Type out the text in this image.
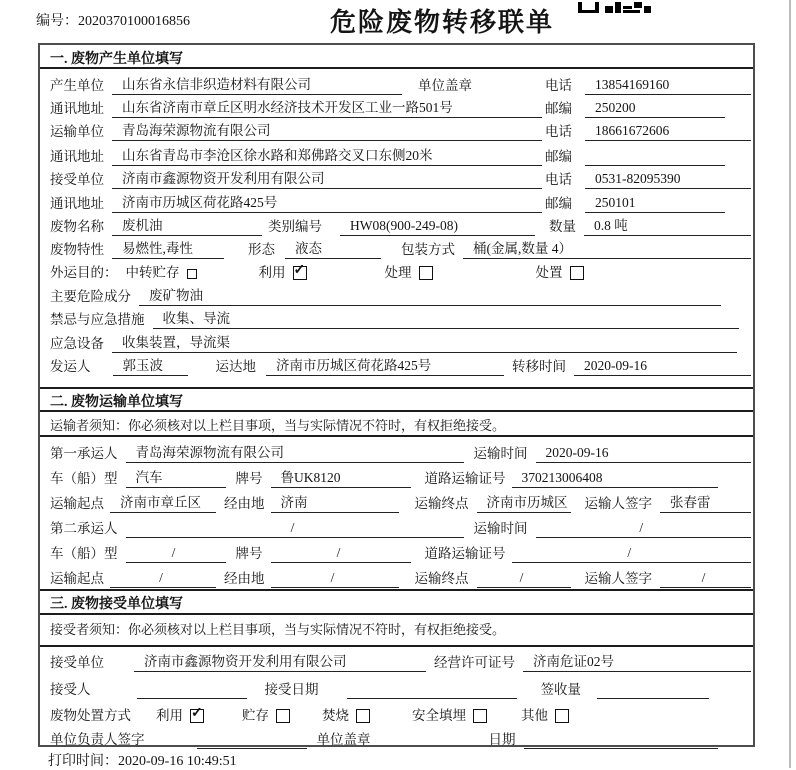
编号：2020370100016856	危险废物转移联单
一. 废物产生单位填写
产生单位	山东省永信非织造材料有限公司	单位盖章	电话	13854169160
通讯地址	山东省济南市章丘区明水经济技术开发区工业一路501号	邮编	250200
运输单位	青岛海荣源物流有限公司	电话	18661672606
通讯地址	山东省青岛市李沧区徐水路和郑佛路交叉口东侧20米	邮编
接受单位	济南市鑫源物资开发利用有限公司	电话	0531-82095390
通讯地址	济南市历城区荷花路425号	邮编	250101
废物名称	废机油	类别编号	HW08(900-249-08)	数量	0.8 吨
废物特性	易燃性,毒性	形态	液态	包装方式	桶(金属,数量 4）
外运目的： 中转贮存	利用 ✓	处理	处置
主要危险成分	废矿物油
禁忌与应急措施	收集、导流
应急设备	收集装置，导流渠
发运人	郭玉波	运达地	济南市历城区荷花路425号	转移时间	2020-09-16
二. 废物运输单位填写
运输者须知：你必须核对以上栏目事项，当与实际情况不符时，有权拒绝接受。
第一承运人	青岛海荣源物流有限公司	运输时间	2020-09-16
车（船）型	汽车	牌号	鲁UK8120	道路运输证号	370213006408
运输起点	济南市章丘区	经由地	济南	运输终点	济南市历城区 运输人签字	张春雷
第二承运人	/	运输时间	/
车（船）型	/	牌号	/	道路运输证号	/
运输起点	/	经由地	/	运输终点	/	运输人签字	/
三. 废物接受单位填写
接受者须知：你必须核对以上栏目事项，当与实际情况不符时，有权拒绝接受。
接受单位	济南市鑫源物资开发利用有限公司	经营许可证号	济南危证02号
接受人	接受日期	签收量
废物处置方式 利用 ✓	贮存	焚烧	安全填埋	其他
单位负责人签字	单位盖章	日期
打印时间：2020-09-16 10:49:51
